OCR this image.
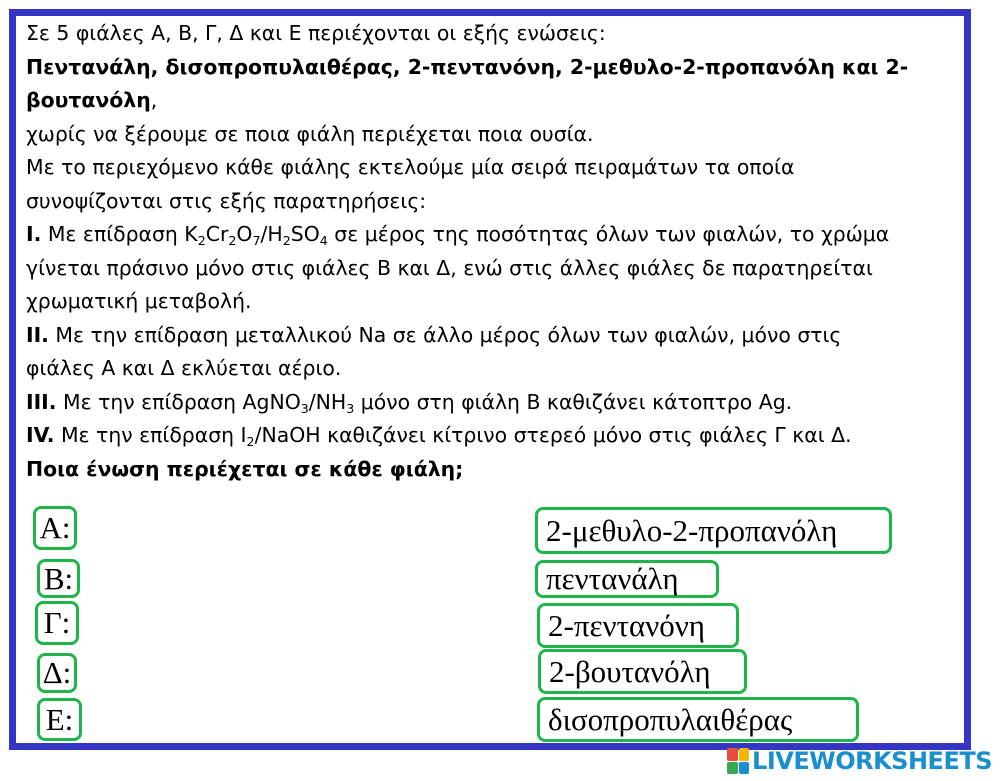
Σε 5 φιάλες Α, Β, Γ, Δ και Ε περιέχονται οι εξής ενώσεις:

Πεντανάλη, δισοπροπυλαιθέρας, 2-πεντανόνη, 2-μεθυλο-2-προπανόλη και 2-

βουτανόλη,

χωρίς να ξέρουμε σε ποια φιάλη περιέχεται ποια ουσία.

Με το περιεχόμενο κάθε φιάλης εκτελούμε μία σειρά πειραμάτων τα οποία

συνοψίζονται στις εξής παρατηρήσεις:

Ι. Με επίδραση $K_2Cr_2O_7/H_2SO_4$ σε μέρος της ποσότητας όλων των φιαλών, το χρώμα

γίνεται πράσινο μόνο στις φιάλες Β και Δ, ενώ στις άλλες φιάλες δε παρατηρείται

χρωματική μεταβολή.

ΙΙ. Με την επίδραση μεταλλικού Na σε άλλο μέρος όλων των φιαλών, μόνο στις

φιάλες Α και Δ εκλύεται αέριο.

ΙΙΙ. Με την επίδραση $AgNO_3/NH_3$ μόνο στη φιάλη Β καθιζάνει κάτοπτρο Ag.

IV. Με την επίδραση $I_2$/NaOH καθιζάνει κίτρινο στερεό μόνο στις φιάλες Γ και Δ.

Ποια ένωση περιέχεται σε κάθε φιάλη;

Α:
Β:
Γ:
Δ:
Ε:
2-μεθυλο-2-προπανόλη
πεντανάλη
2-πεντανόνη
2-βουτανόλη
δισοπροπυλαιθέρας
LIVEWORKSHEETS
